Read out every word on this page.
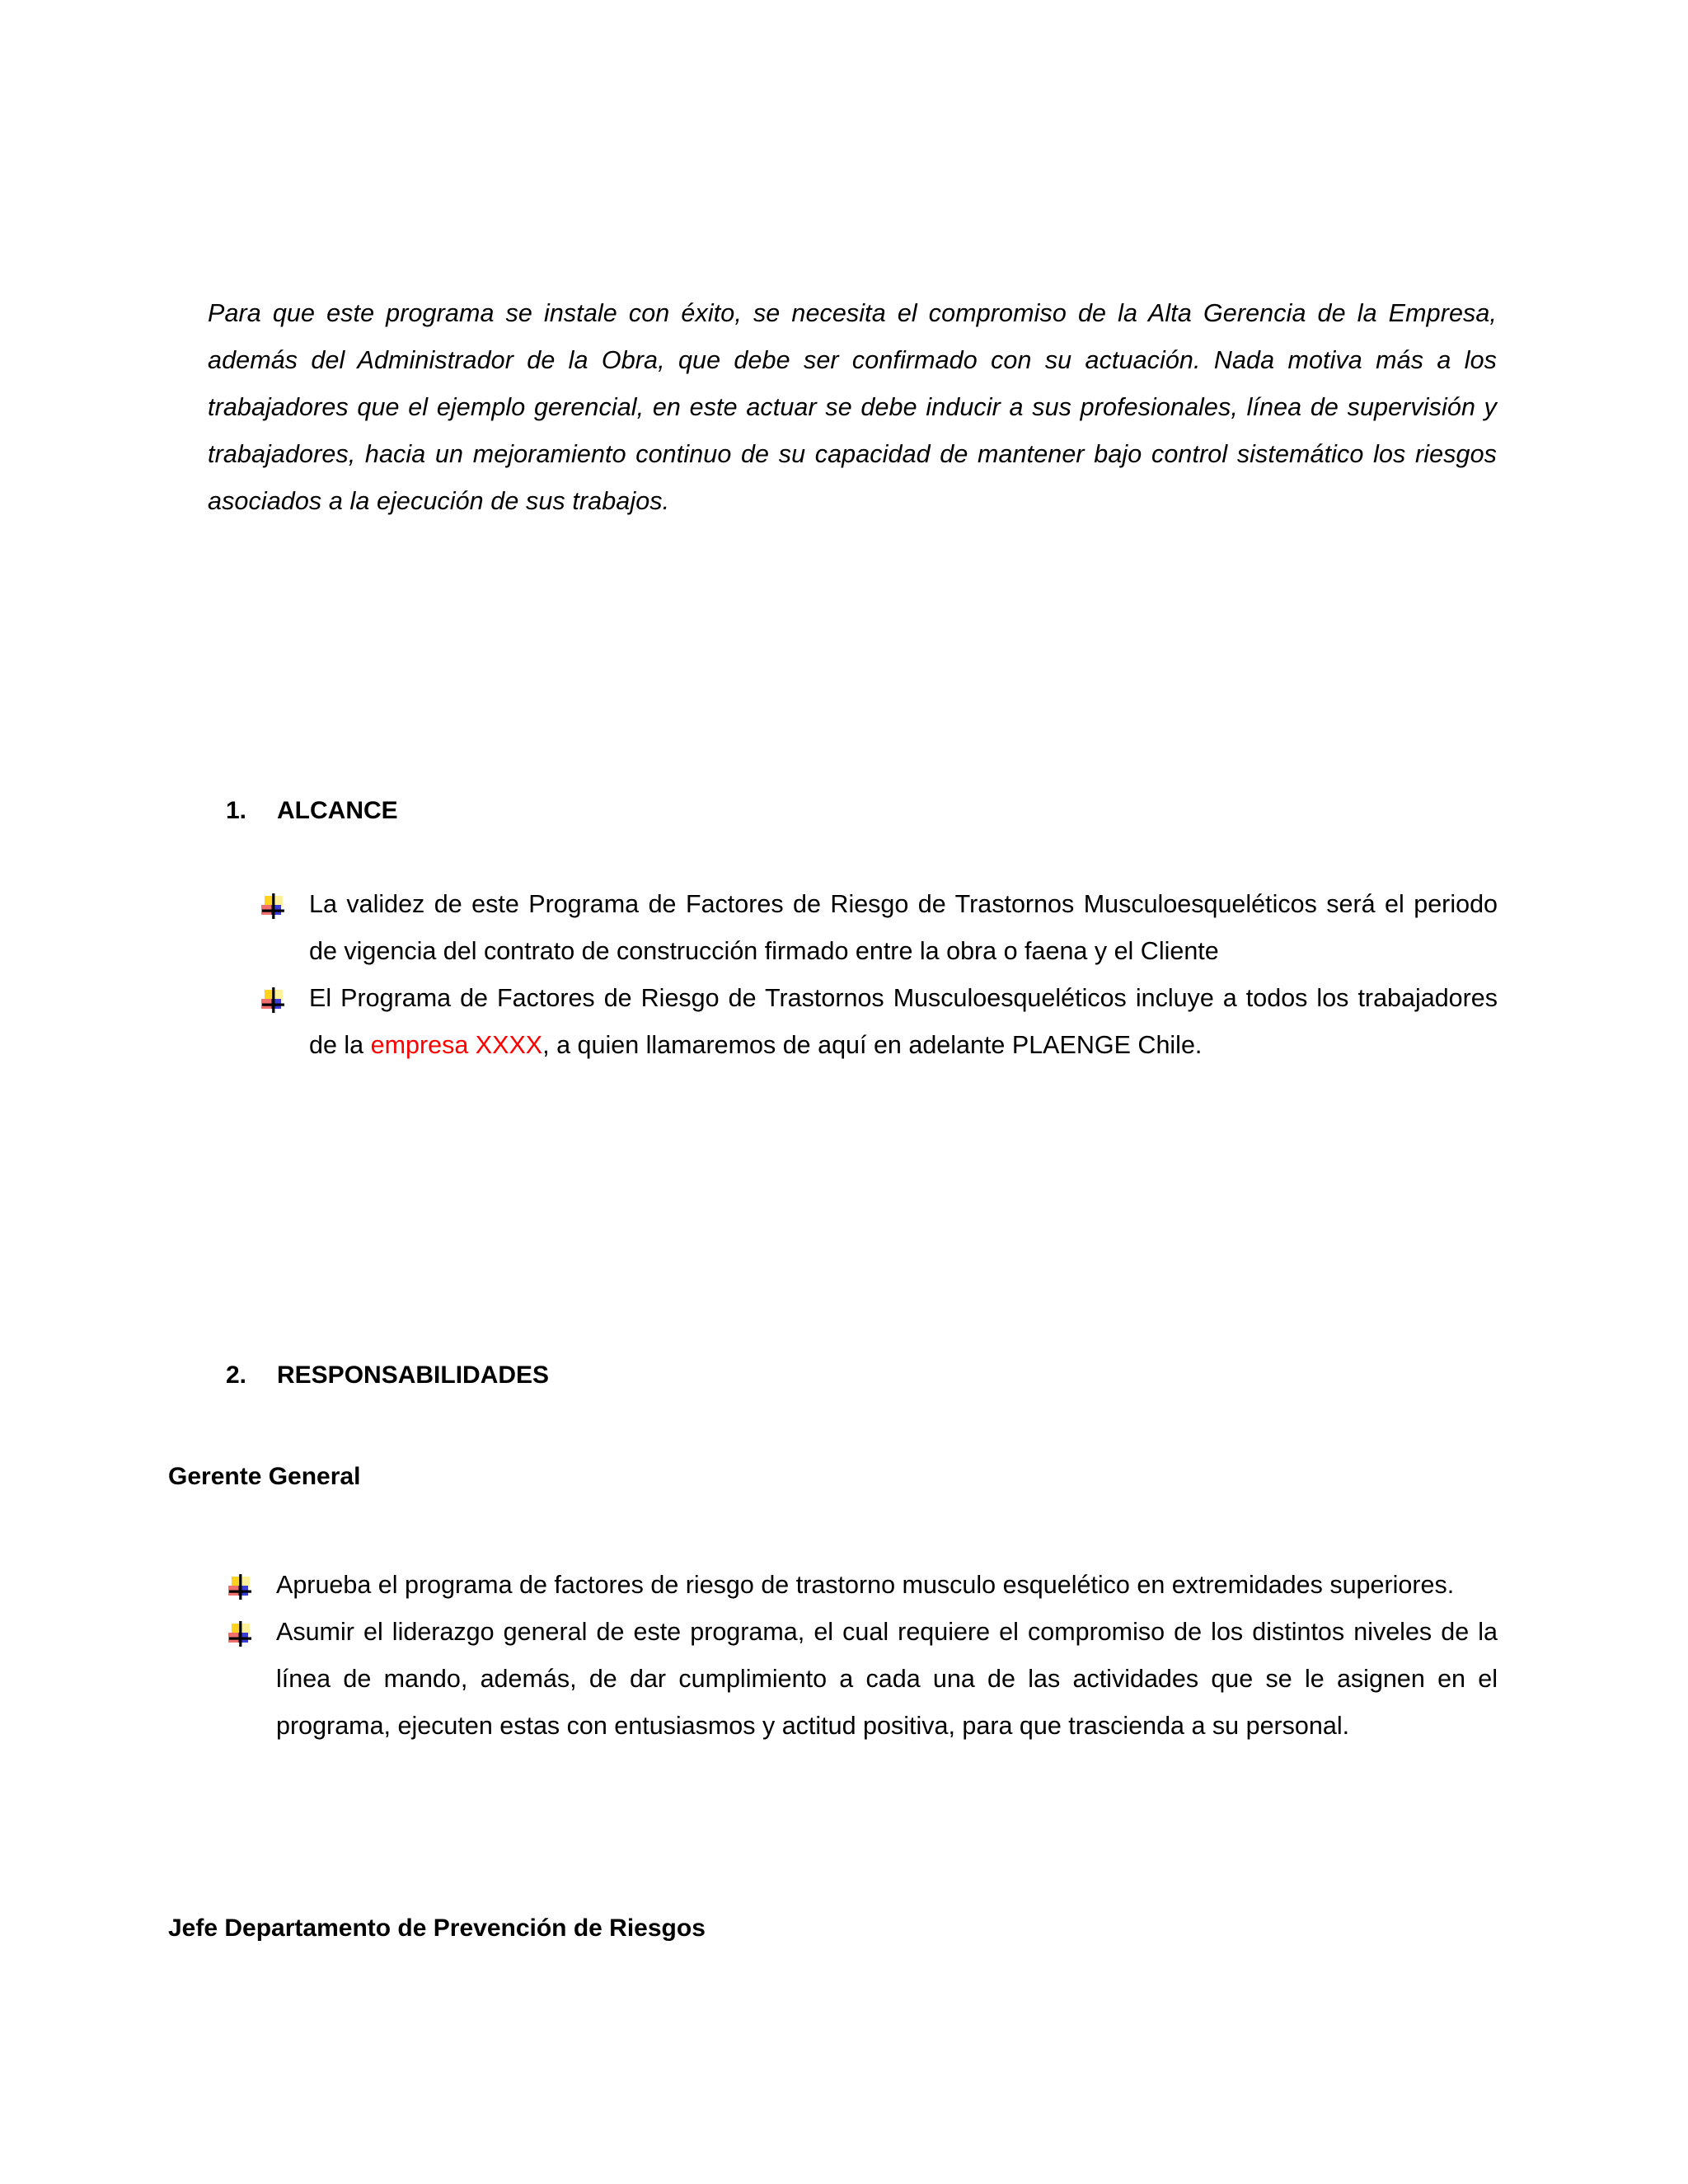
Para que este programa se instale con éxito, se necesita el compromiso de la Alta Gerencia de la Empresa, además del Administrador de la Obra, que debe ser confirmado con su actuación. Nada motiva más a los trabajadores que el ejemplo gerencial, en este actuar se debe inducir a sus profesionales, línea de supervisión y trabajadores, hacia un mejoramiento continuo de su capacidad de mantener bajo control sistemático los riesgos asociados a la ejecución de sus trabajos.

1.	ALCANCE
La validez de este Programa de Factores de Riesgo de Trastornos Musculoesqueléticos será el periodo de vigencia del contrato de construcción firmado entre la obra o faena y el Cliente
El Programa de Factores de Riesgo de Trastornos Musculoesqueléticos incluye a todos los trabajadores de la empresa XXXX, a quien llamaremos de aquí en adelante PLAENGE Chile.
2.	RESPONSABILIDADES
Gerente General
Aprueba el programa de factores de riesgo de trastorno musculo esquelético en extremidades superiores.
Asumir el liderazgo general de este programa, el cual requiere el compromiso de los distintos niveles de la línea de mando, además, de dar cumplimiento a cada una de las actividades que se le asignen en el programa, ejecuten estas con entusiasmos y actitud positiva, para que trascienda a su personal.
Jefe Departamento de Prevención de Riesgos
